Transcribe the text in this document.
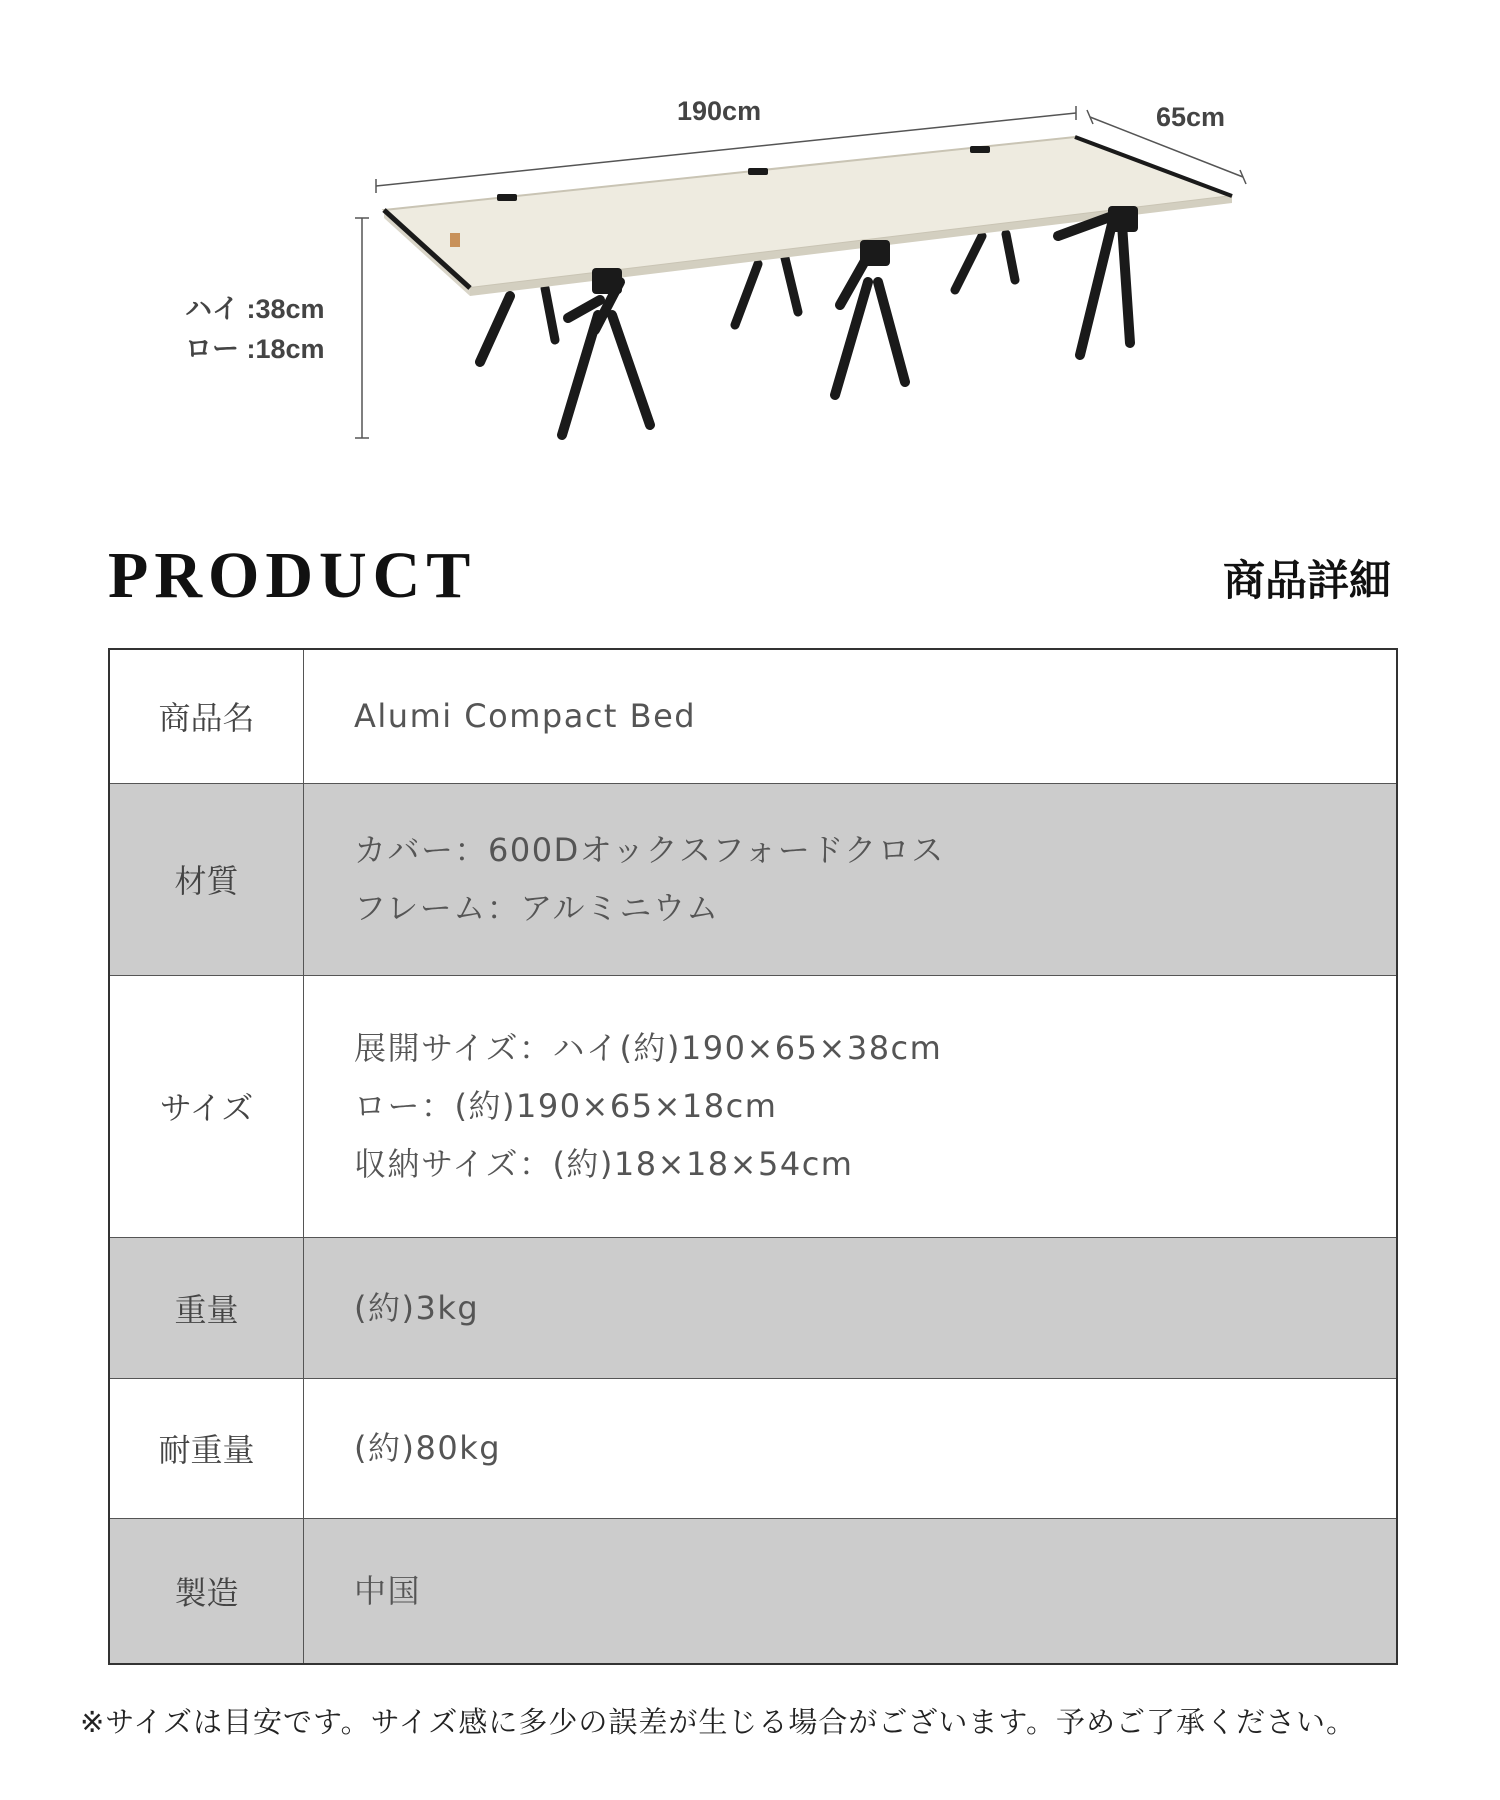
190cm	65cm
ハイ :38cm
ロー :18cm
PRODUCT	商品詳細
商品名	Alumi Compact Bed

材質	カバー：600Dオックスフォードクロス
フレーム：アルミニウム

サイズ	展開サイズ：ハイ(約)190×65×38cm
ロー：(約)190×65×18cm
収納サイズ：(約)18×18×54cm

重量	(約)3kg

耐重量	(約)80kg

製造	中国
※サイズは目安です。サイズ感に多少の誤差が生じる場合がございます。予めご了承ください。
